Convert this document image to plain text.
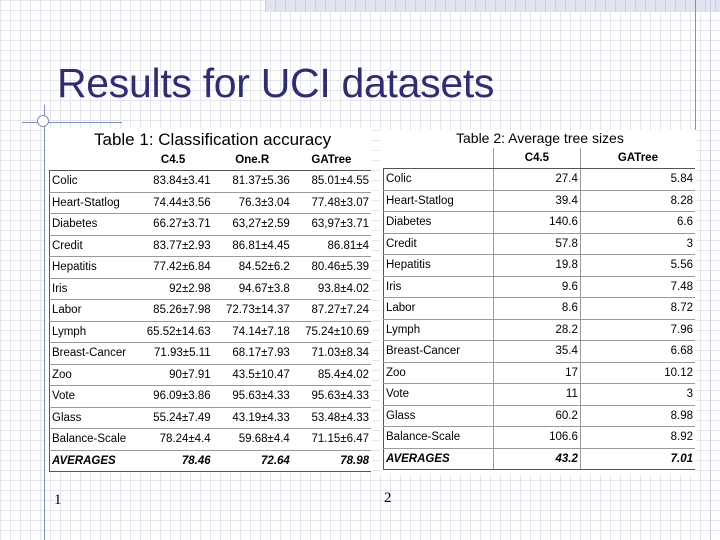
Results for UCI datasets
Table 1: Classification accuracy
	C4.5	One.R	GATree
Colic	83.84±3.41	81.37±5.36	85.01±4.55
Heart-Statlog	74.44±3.56	76.3±3.04	77.48±3.07
Diabetes	66.27±3.71	63,27±2.59	63,97±3.71
Credit	83.77±2.93	86.81±4.45	86.81±4
Hepatitis	77.42±6.84	84.52±6.2	80.46±5.39
Iris	92±2.98	94.67±3.8	93.8±4.02
Labor	85.26±7.98	72.73±14.37	87.27±7.24
Lymph	65.52±14.63	74.14±7.18	75.24±10.69
Breast-Cancer	71.93±5.11	68.17±7.93	71.03±8.34
Zoo	90±7.91	43.5±10.47	85.4±4.02
Vote	96.09±3.86	95.63±4.33	95.63±4.33
Glass	55.24±7.49	43.19±4.33	53.48±4.33
Balance-Scale	78.24±4.4	59.68±4.4	71.15±6.47
AVERAGES	78.46	72.64	78.98
Table 2: Average tree sizes
	C4.5	GATree
Colic	27.4	5.84
Heart-Statlog	39.4	8.28
Diabetes	140.6	6.6
Credit	57.8	3
Hepatitis	19.8	5.56
Iris	9.6	7.48
Labor	8.6	8.72
Lymph	28.2	7.96
Breast-Cancer	35.4	6.68
Zoo	17	10.12
Vote	11	3
Glass	60.2	8.98
Balance-Scale	106.6	8.92
AVERAGES	43.2	7.01
1	2
